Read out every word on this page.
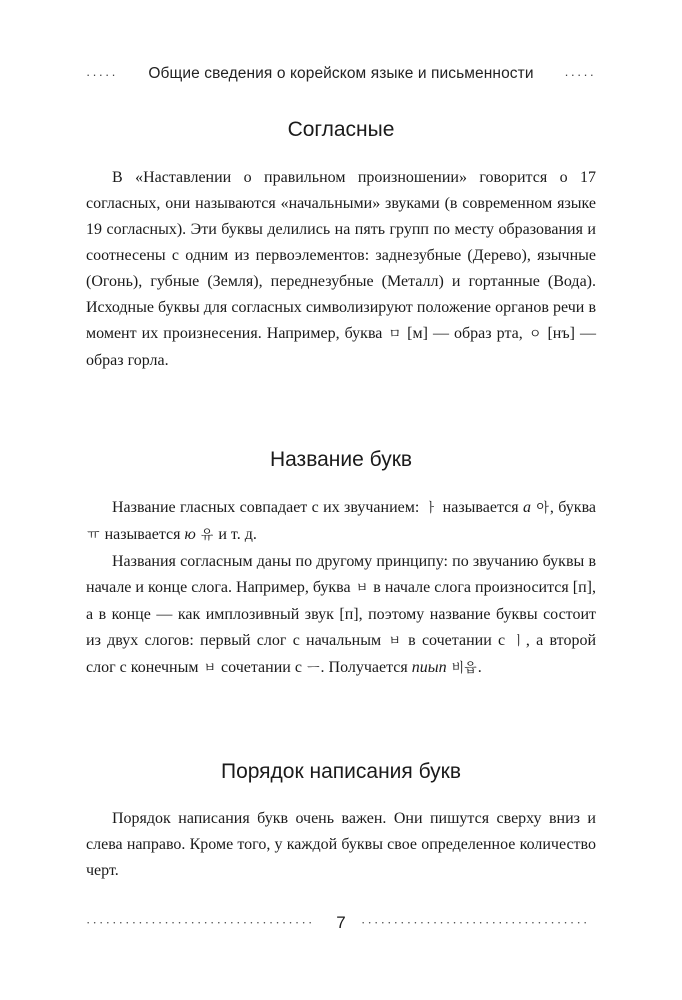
····· Общие сведения о корейском языке и письменности ·····
Согласные

В «Наставлении о правильном произношении» говорится о 17 согласных, они называются «начальными» звуками (в современном языке 19 согласных). Эти буквы делились на пять групп по месту образования и соотнесены с одним из первоэлементов: заднезубные (Дерево), язычные (Огонь), губные (Земля), переднезубные (Металл) и гортанные (Вода). Исходные буквы для согласных символизируют положение органов речи в момент их произнесения. Например, буква ㅁ [м] — образ рта, ㅇ [нъ] — образ горла.

Название букв

Название гласных совпадает с их звучанием: ㅏ называется а 아, буква ㅠ называется ю 유 и т. д.

Названия согласным даны по другому принципу: по звучанию буквы в начале и конце слога. Например, буква ㅂ в начале слога произносится [п], а в конце — как имплозивный звук [п], поэтому название буквы состоит из двух слогов: первый слог с начальным ㅂ в сочетании с ㅣ, а второй слог с конечным ㅂ сочетании с ㅡ. Получается пиып 비읍.

Порядок написания букв

Порядок написания букв очень важен. Они пишутся сверху вниз и слева направо. Кроме того, у каждой буквы свое определенное количество черт.

···································	7 ···································
